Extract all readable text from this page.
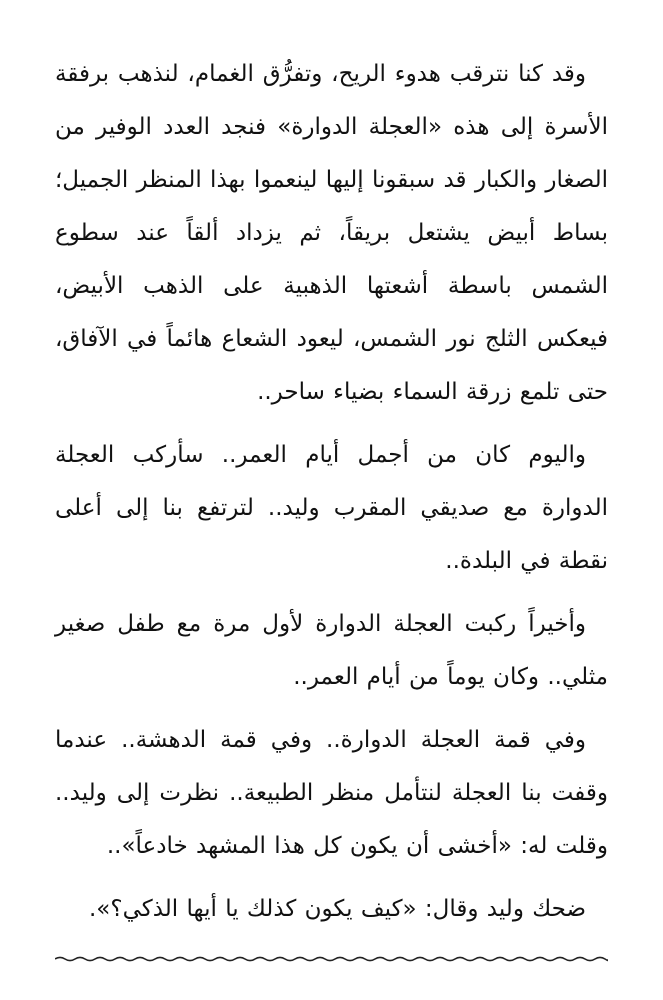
وقد كنا نترقب هدوء الريح، وتفرُّق الغمام، لنذهب برفقة الأسرة إلى هذه «العجلة الدوارة» فنجد العدد الوفير من الصغار والكبار قد سبقونا إليها لينعموا بهذا المنظر الجميل؛ بساط أبيض يشتعل بريقاً، ثم يزداد ألقاً عند سطوع الشمس باسطة أشعتها الذهبية على الذهب الأبيض، فيعكس الثلج نور الشمس، ليعود الشعاع هائماً في الآفاق، حتى تلمع زرقة السماء بضياء ساحر..

واليوم كان من أجمل أيام العمر.. سأركب العجلة الدوارة مع صديقي المقرب وليد.. لترتفع بنا إلى أعلى نقطة في البلدة..

وأخيراً ركبت العجلة الدوارة لأول مرة مع طفل صغير مثلي.. وكان يوماً من أيام العمر..

وفي قمة العجلة الدوارة.. وفي قمة الدهشة.. عندما وقفت بنا العجلة لنتأمل منظر الطبيعة.. نظرت إلى وليد.. وقلت له: «أخشى أن يكون كل هذا المشهد خادعاً»..

ضحك وليد وقال: «كيف يكون كذلك يا أيها الذكي؟».
